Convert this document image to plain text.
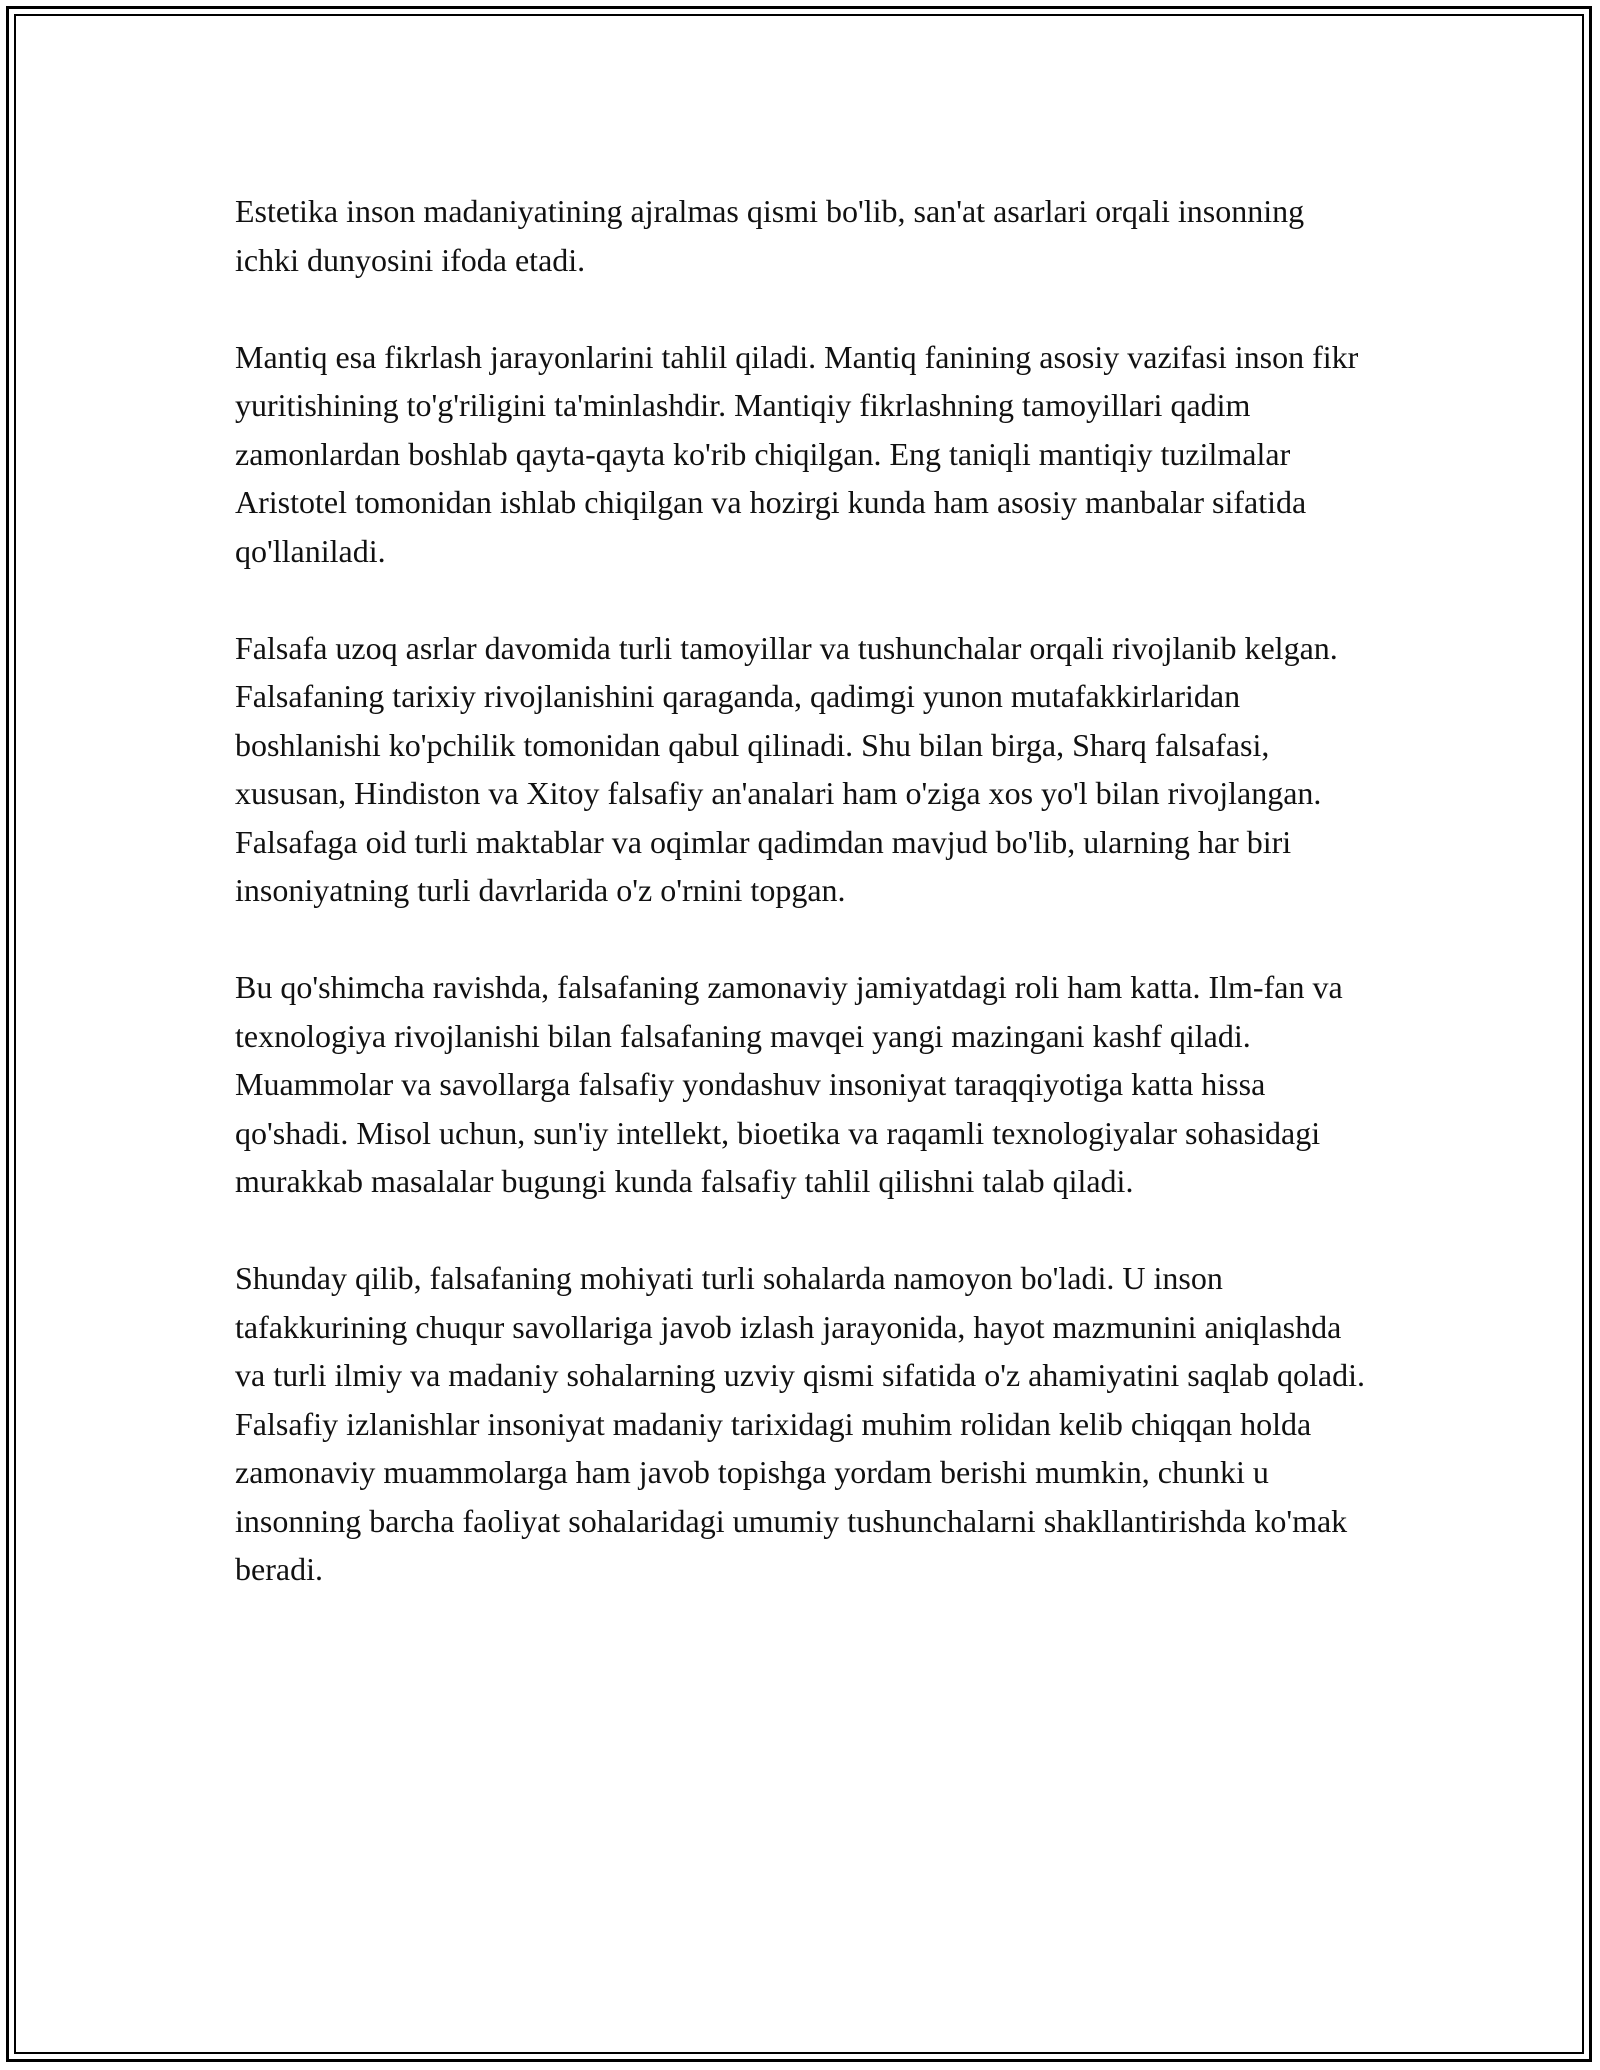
Estetika inson madaniyatining ajralmas qismi bo'lib, san'at asarlari orqali insonning ichki dunyosini ifoda etadi.

Mantiq esa fikrlash jarayonlarini tahlil qiladi. Mantiq fanining asosiy vazifasi inson fikr yuritishining to'g'riligini ta'minlashdir. Mantiqiy fikrlashning tamoyillari qadim zamonlardan boshlab qayta-qayta ko'rib chiqilgan. Eng taniqli mantiqiy tuzilmalar Aristotel tomonidan ishlab chiqilgan va hozirgi kunda ham asosiy manbalar sifatida qo'llaniladi.

Falsafa uzoq asrlar davomida turli tamoyillar va tushunchalar orqali rivojlanib kelgan. Falsafaning tarixiy rivojlanishini qaraganda, qadimgi yunon mutafakkirlaridan boshlanishi ko'pchilik tomonidan qabul qilinadi. Shu bilan birga, Sharq falsafasi, xususan, Hindiston va Xitoy falsafiy an'analari ham o'ziga xos yo'l bilan rivojlangan. Falsafaga oid turli maktablar va oqimlar qadimdan mavjud bo'lib, ularning har biri insoniyatning turli davrlarida o'z o'rnini topgan.

Bu qo'shimcha ravishda, falsafaning zamonaviy jamiyatdagi roli ham katta. Ilm-fan va texnologiya rivojlanishi bilan falsafaning mavqei yangi mazingani kashf qiladi. Muammolar va savollarga falsafiy yondashuv insoniyat taraqqiyotiga katta hissa qo'shadi. Misol uchun, sun'iy intellekt, bioetika va raqamli texnologiyalar sohasidagi murakkab masalalar bugungi kunda falsafiy tahlil qilishni talab qiladi.

Shunday qilib, falsafaning mohiyati turli sohalarda namoyon bo'ladi. U inson tafakkurining chuqur savollariga javob izlash jarayonida, hayot mazmunini aniqlashda va turli ilmiy va madaniy sohalarning uzviy qismi sifatida o'z ahamiyatini saqlab qoladi. Falsafiy izlanishlar insoniyat madaniy tarixidagi muhim rolidan kelib chiqqan holda zamonaviy muammolarga ham javob topishga yordam berishi mumkin, chunki u insonning barcha faoliyat sohalaridagi umumiy tushunchalarni shakllantirishda ko'mak beradi.
